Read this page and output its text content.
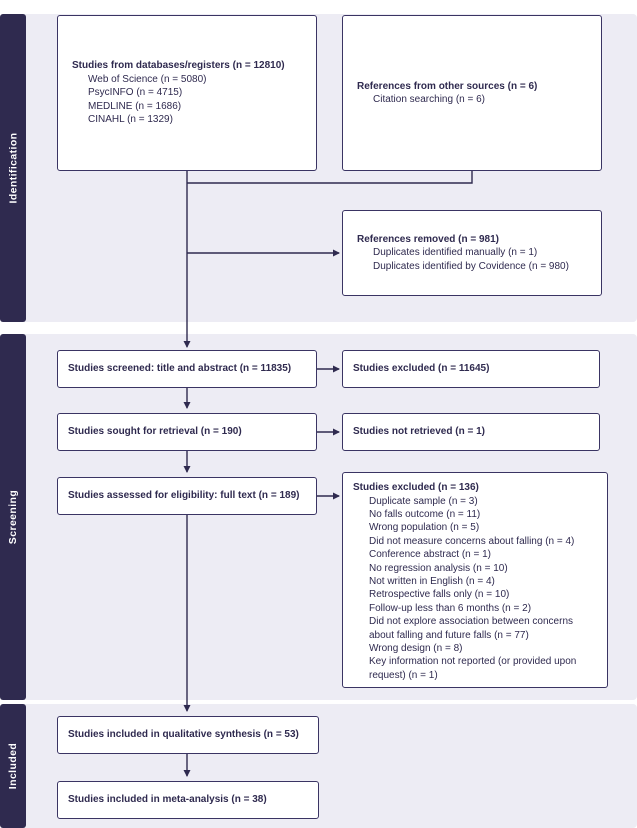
Identification
Screening
Included
Studies from databases/registers (n = 12810)
Web of Science (n = 5080)
PsycINFO (n = 4715)
MEDLINE (n = 1686)
CINAHL (n = 1329)
References from other sources (n = 6)
Citation searching (n = 6)
References removed (n = 981)
Duplicates identified manually (n = 1)
Duplicates identified by Covidence (n = 980)
Studies screened: title and abstract (n = 11835)	Studies excluded (n = 11645)
Studies sought for retrieval (n = 190)	Studies not retrieved (n = 1)
Studies assessed for eligibility: full text (n = 189)
Studies excluded (n = 136)
Duplicate sample (n = 3)
No falls outcome (n = 11)
Wrong population (n = 5)
Did not measure concerns about falling (n = 4)
Conference abstract (n = 1)
No regression analysis (n = 10)
Not written in English (n = 4)
Retrospective falls only (n = 10)
Follow-up less than 6 months (n = 2)
Did not explore association between concerns about falling and future falls (n = 77)
Wrong design (n = 8)
Key information not reported (or provided upon request) (n = 1)
Studies included in qualitative synthesis (n = 53)
Studies included in meta-analysis (n = 38)
